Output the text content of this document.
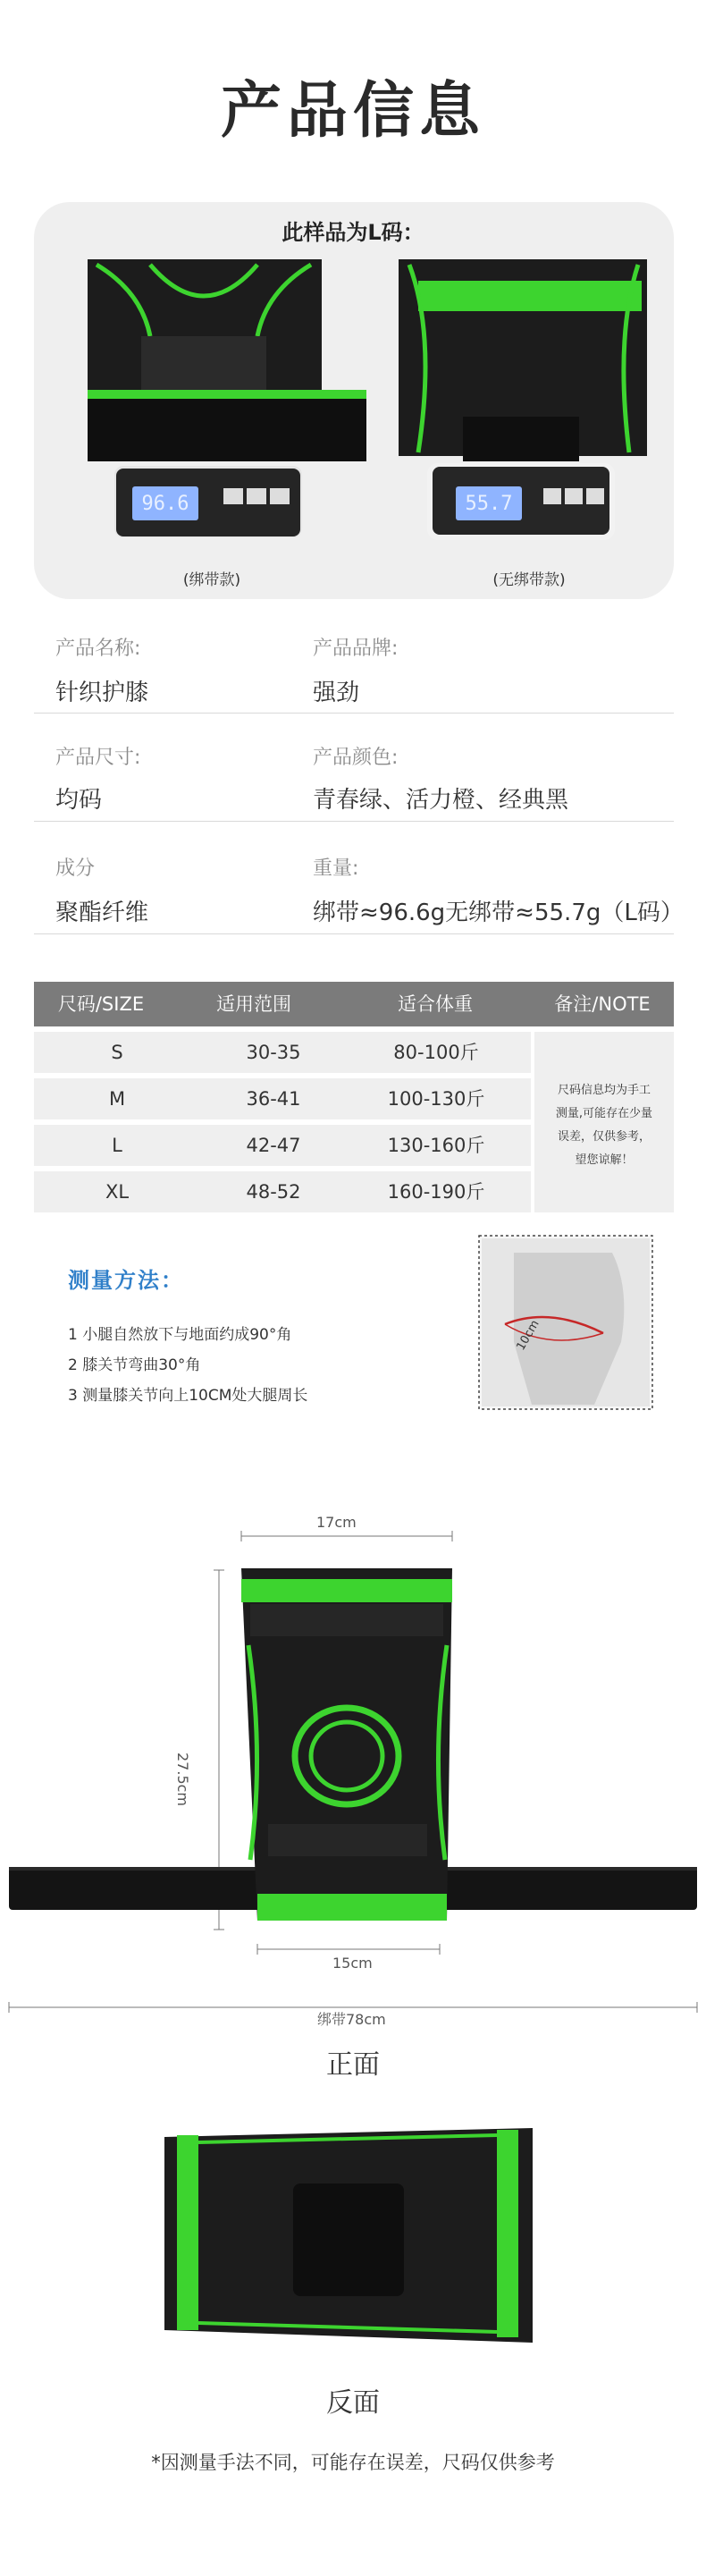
产品信息
此样品为L码：
96.6	55.7
(绑带款)	(无绑带款)
产品名称:	产品品牌:
针织护膝	强劲
产品尺寸:	产品颜色:
均码	青春绿、活力橙、经典黑
成分	重量:
聚酯纤维	绑带≈96.6g无绑带≈55.7g（L码）
尺码/SIZE	适用范围	适合体重	备注/NOTE
S	30-35	80-100斤
M	36-41	100-130斤
L	42-47	130-160斤
XL	48-52	160-190斤
尺码信息均为手工
测量,可能存在少量
误差，仅供参考，
望您谅解！
测量方法：
1 小腿自然放下与地面约成90°角
2 膝关节弯曲30°角
3 测量膝关节向上10CM处大腿周长
10cm
17cm
27.5cm
15cm
绑带78cm
正面
反面
*因测量手法不同，可能存在误差，尺码仅供参考
